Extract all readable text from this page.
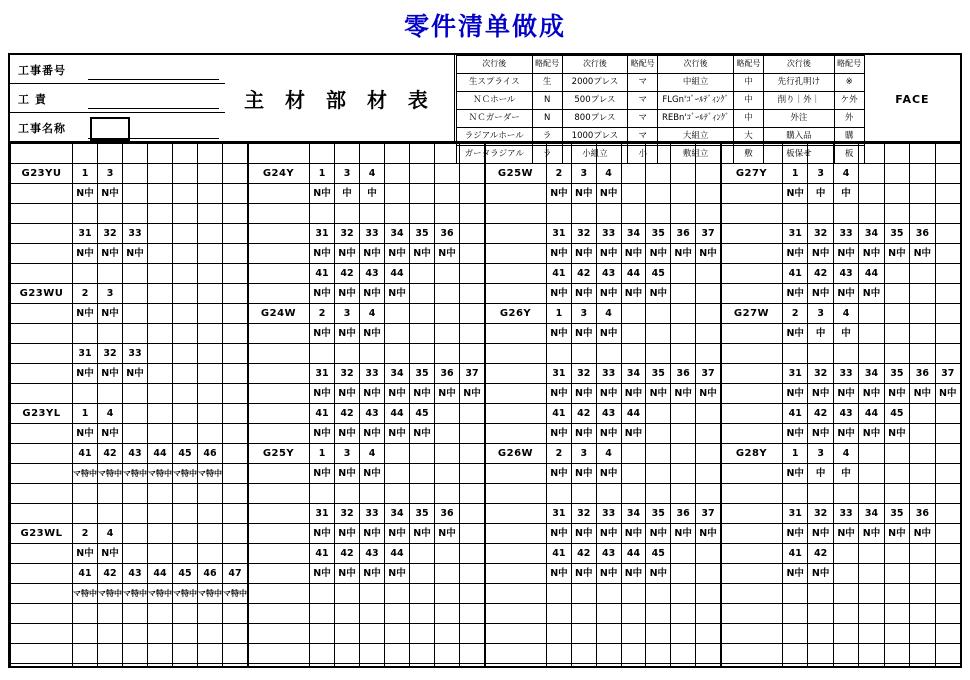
零件清单做成
工事番号
工 責
工事名称
主 材 部 材 表
次行後	略配号	次行後	略配号	次行後	略配号	次行後	略配号	FACE

生スプライス	生	2000プレス	マ	中組立	中	先行孔明け	※	
ＮＣホール	N	500プレス	マ	FLGn'ｺﾞｰﾙﾃﾞｨﾝｸﾞ	中	削り｜外｜	ケ外	
ＮＣガーダー	N	800プレス	マ	REBn'ｺﾞｰﾙﾃﾞｨﾝｸﾞ	中	外注	外	
ラジアルホール	ラ	1000プレス	マ	大組立	大	購入品	購	
ガータラジアル	ラ	小組立	小	敷組立	敷	板保せ	板	

G23YU	1	3					
	N中	N中					

	31	32	33				
	N中	N中	N中				

G23WU	2	3					
	N中	N中					

	31	32	33				
	N中	N中	N中				

G23YL	1	4					
	N中	N中					
	41	42	43	44	45	46	
	マ特中	マ特中	マ特中	マ特中	マ特中	マ特中	

G23WL	2	4					
	N中	N中					
	41	42	43	44	45	46	47
	マ特中	マ特中	マ特中	マ特中	マ特中	マ特中	マ特中

G24Y	1	3	4				
	N中	中	中				

	31	32	33	34	35	36	
	N中	N中	N中	N中	N中	N中	
	41	42	43	44			
	N中	N中	N中	N中			
G24W	2	3	4				
	N中	N中	N中				

	31	32	33	34	35	36	37
	N中	N中	N中	N中	N中	N中	N中
	41	42	43	44	45		
	N中	N中	N中	N中	N中		
G25Y	1	3	4				
	N中	N中	N中				

	31	32	33	34	35	36	
	N中	N中	N中	N中	N中	N中	
	41	42	43	44			
	N中	N中	N中	N中			

G25W	2	3	4				
	N中	N中	N中				

	31	32	33	34	35	36	37
	N中	N中	N中	N中	N中	N中	N中
	41	42	43	44	45		
	N中	N中	N中	N中	N中		
G26Y	1	3	4				
	N中	N中	N中				

	31	32	33	34	35	36	37
	N中	N中	N中	N中	N中	N中	N中
	41	42	43	44			
	N中	N中	N中	N中			
G26W	2	3	4				
	N中	N中	N中				

	31	32	33	34	35	36	37
	N中	N中	N中	N中	N中	N中	N中
	41	42	43	44	45		
	N中	N中	N中	N中	N中		

G27Y	1	3	4				
	N中	中	中				

	31	32	33	34	35	36	
	N中	N中	N中	N中	N中	N中	
	41	42	43	44			
	N中	N中	N中	N中			
G27W	2	3	4				
	N中	中	中				

	31	32	33	34	35	36	37
	N中	N中	N中	N中	N中	N中	N中
	41	42	43	44	45		
	N中	N中	N中	N中	N中		
G28Y	1	3	4				
	N中	中	中				

	31	32	33	34	35	36	
	N中	N中	N中	N中	N中	N中	
	41	42					
	N中	N中					
